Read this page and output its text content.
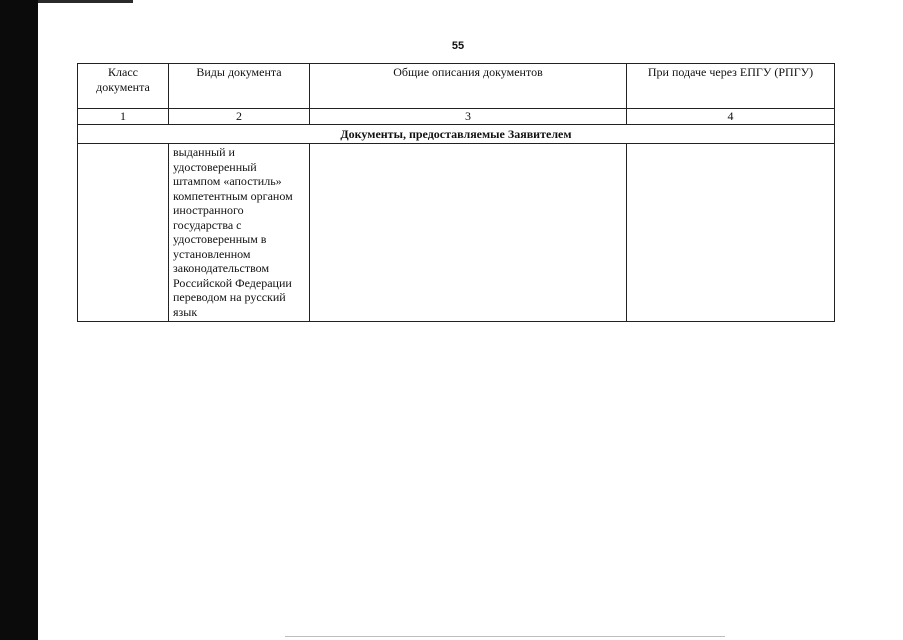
55
Класс документа	Виды документа	Общие описания документов	При подаче через ЕПГУ (РПГУ)
1	2	3	4
Документы, предоставляемые Заявителем			
	выданный и удостоверенный штампом «апостиль» компетентным органом иностранного государства с удостоверенным в установленном законодательством Российской Федерации переводом на русский язык		
